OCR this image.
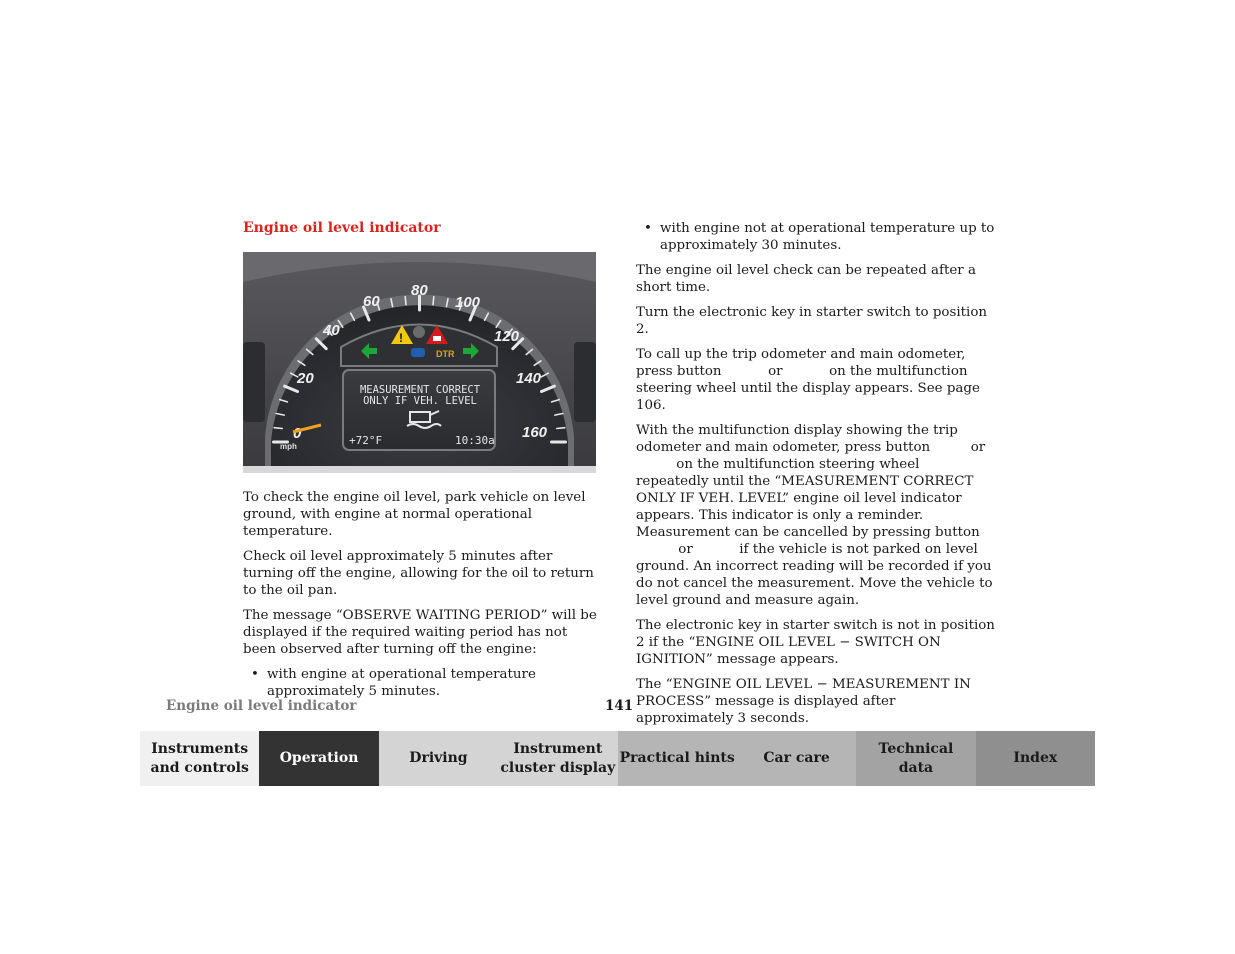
Engine oil level indicator
0
20
40
60
80
100
120
140
160
mph
!
DTR
MEASUREMENT CORRECT
ONLY IF VEH. LEVEL
+72°F	10:30a

To check the engine oil level, park vehicle on level ground, with engine at normal operational temperature.

Check oil level approximately 5 minutes after turning off the engine, allowing for the oil to return to the oil pan.

The message “OBSERVE WAITING PERIOD” will be displayed if the required waiting period has not been observed after turning off the engine:

• with engine at operational temperature approximately 5 minutes.
• with engine not at operational temperature up to approximately 30 minutes.

The engine oil level check can be repeated after a short time.

Turn the electronic key in starter switch to position 2.

To call up the trip odometer and main odometer, press button	or	on the multifunction steering wheel until the display appears. See page 106.

With the multifunction display showing the trip odometer and main odometer, press button	or
on the multifunction steering wheel repeatedly until the “MEASUREMENT CORRECT ONLY IF VEH. LEVEL” engine oil level indicator appears. This indicator is only a reminder. Measurement can be cancelled by pressing button  or	if the vehicle is not parked on level ground. An incorrect reading will be recorded if you do not cancel the measurement. Move the vehicle to level ground and measure again.

The electronic key in starter switch is not in position 2 if the “ENGINE OIL LEVEL − SWITCH ON IGNITION” message appears.

The “ENGINE OIL LEVEL − MEASUREMENT IN PROCESS” message is displayed after approximately 3 seconds.

Engine oil level indicator	141
Instruments
and controls
Operation	Driving
Instrument
cluster display
Practical hints Car care
Technical
data
Index
